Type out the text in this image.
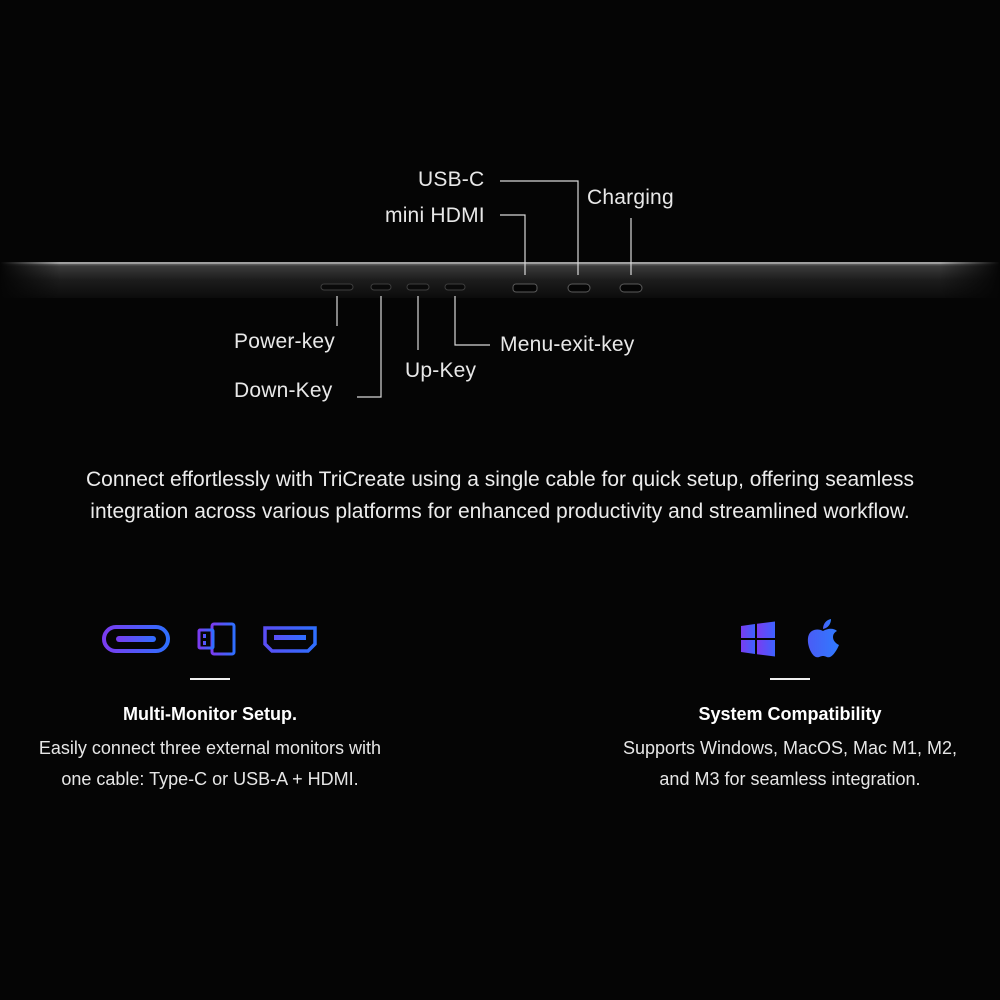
USB-C
mini HDMI
Charging
Power-key
Down-Key
Up-Key
Menu-exit-key
Connect effortlessly with TriCreate using a single cable for quick setup, offering seamless integration across various platforms for enhanced productivity and streamlined workflow.
Multi-Monitor Setup.
Easily connect three external monitors with
one cable: Type-C or USB-A + HDMI.
System Compatibility
Supports Windows, MacOS, Mac M1, M2,
and M3 for seamless integration.
